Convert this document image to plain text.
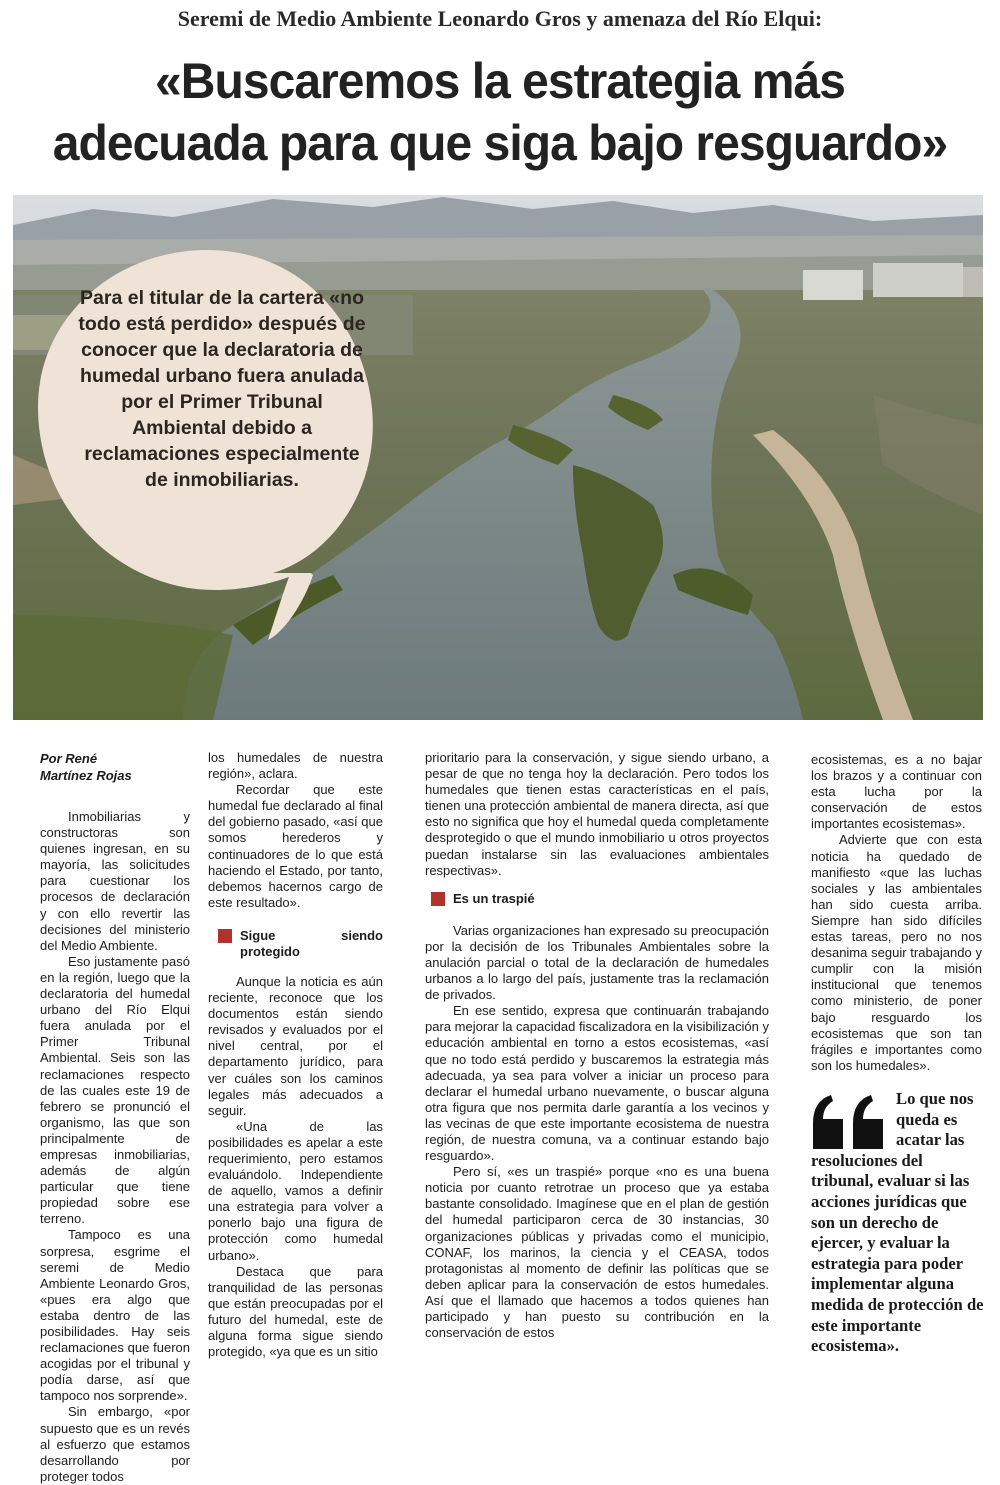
Seremi de Medio Ambiente Leonardo Gros y amenaza del Río Elqui:
«Buscaremos la estrategia más
adecuada para que siga bajo resguardo»
Para el titular de la cartera «no todo está perdido» después de conocer que la declaratoria de humedal urbano fuera anulada por el Primer Tribunal Ambiental debido a reclamaciones especialmente de inmobiliarias.

Por René
Martínez Rojas

Inmobiliarias y constructoras son quienes ingresan, en su mayoría, las solicitudes para cuestionar los procesos de declaración y con ello revertir las decisiones del ministerio del Medio Ambiente.

Eso justamente pasó en la región, luego que la declaratoria del humedal urbano del Río Elqui fuera anulada por el Primer Tribunal Ambiental. Seis son las reclamaciones respecto de las cuales este 19 de febrero se pronunció el organismo, las que son principalmente de empresas inmobiliarias, además de algún particular que tiene propiedad sobre ese terreno.

Tampoco es una sorpresa, esgrime el seremi de Medio Ambiente Leonardo Gros, «pues era algo que estaba dentro de las posibilidades. Hay seis reclamaciones que fueron acogidas por el tribunal y podía darse, así que tampoco nos sorprende».

Sin embargo, «por supuesto que es un revés al esfuerzo que estamos desarrollando por proteger todos

los humedales de nuestra región», aclara.

Recordar que este humedal fue declarado al final del gobierno pasado, «así que somos herederos y continuadores de lo que está haciendo el Estado, por tanto, debemos hacernos cargo de este resultado».

Sigue siendo protegido

Aunque la noticia es aún reciente, reconoce que los documentos están siendo revisados y evaluados por el nivel central, por el departamento jurídico, para ver cuáles son los caminos legales más adecuados a seguir.

«Una de las posibilidades es apelar a este requerimiento, pero estamos evaluándolo. Independiente de aquello, vamos a definir una estrategia para volver a ponerlo bajo una figura de protección como humedal urbano».

Destaca que para tranquilidad de las personas que están preocupadas por el futuro del humedal, este de alguna forma sigue siendo protegido, «ya que es un sitio

prioritario para la conservación, y sigue siendo urbano, a pesar de que no tenga hoy la declaración. Pero todos los humedales que tienen estas características en el país, tienen una protección ambiental de manera directa, así que esto no significa que hoy el humedal queda completamente desprotegido o que el mundo inmobiliario u otros proyectos puedan instalarse sin las evaluaciones ambientales respectivas».

Es un traspié

Varias organizaciones han expresado su preocupación por la decisión de los Tribunales Ambientales sobre la anulación parcial o total de la declaración de humedales urbanos a lo largo del país, justamente tras la reclamación de privados.

En ese sentido, expresa que continuarán trabajando para mejorar la capacidad fiscalizadora en la visibilización y educación ambiental en torno a estos ecosistemas, «así que no todo está perdido y buscaremos la estrategia más adecuada, ya sea para volver a iniciar un proceso para declarar el humedal urbano nuevamente, o buscar alguna otra figura que nos permita darle garantía a los vecinos y las vecinas de que este importante ecosistema de nuestra región, de nuestra comuna, va a continuar estando bajo resguardo».

Pero sí, «es un traspié» porque «no es una buena noticia por cuanto retrotrae un proceso que ya estaba bastante consolidado. Imagínese que en el plan de gestión del humedal participaron cerca de 30 instancias, 30 organizaciones públicas y privadas como el municipio, CONAF, los marinos, la ciencia y el CEASA, todos protagonistas al momento de definir las políticas que se deben aplicar para la conservación de estos humedales. Así que el llamado que hacemos a todos quienes han participado y han puesto su contribución en la conservación de estos

ecosistemas, es a no bajar los brazos y a continuar con esta lucha por la conservación de estos importantes ecosistemas».

Advierte que con esta noticia ha quedado de manifiesto «que las luchas sociales y las ambientales han sido cuesta arriba. Siempre han sido difíciles estas tareas, pero no nos desanima seguir trabajando y cumplir con la misión institucional que tenemos como ministerio, de poner bajo resguardo los ecosistemas que son tan frágiles e importantes como son los humedales».

Lo que nos
queda es
acatar las
resoluciones del tribunal, evaluar si las acciones jurídicas que son un derecho de ejercer, y evaluar la estrategia para poder implementar alguna medida de protección de este importante ecosistema».
